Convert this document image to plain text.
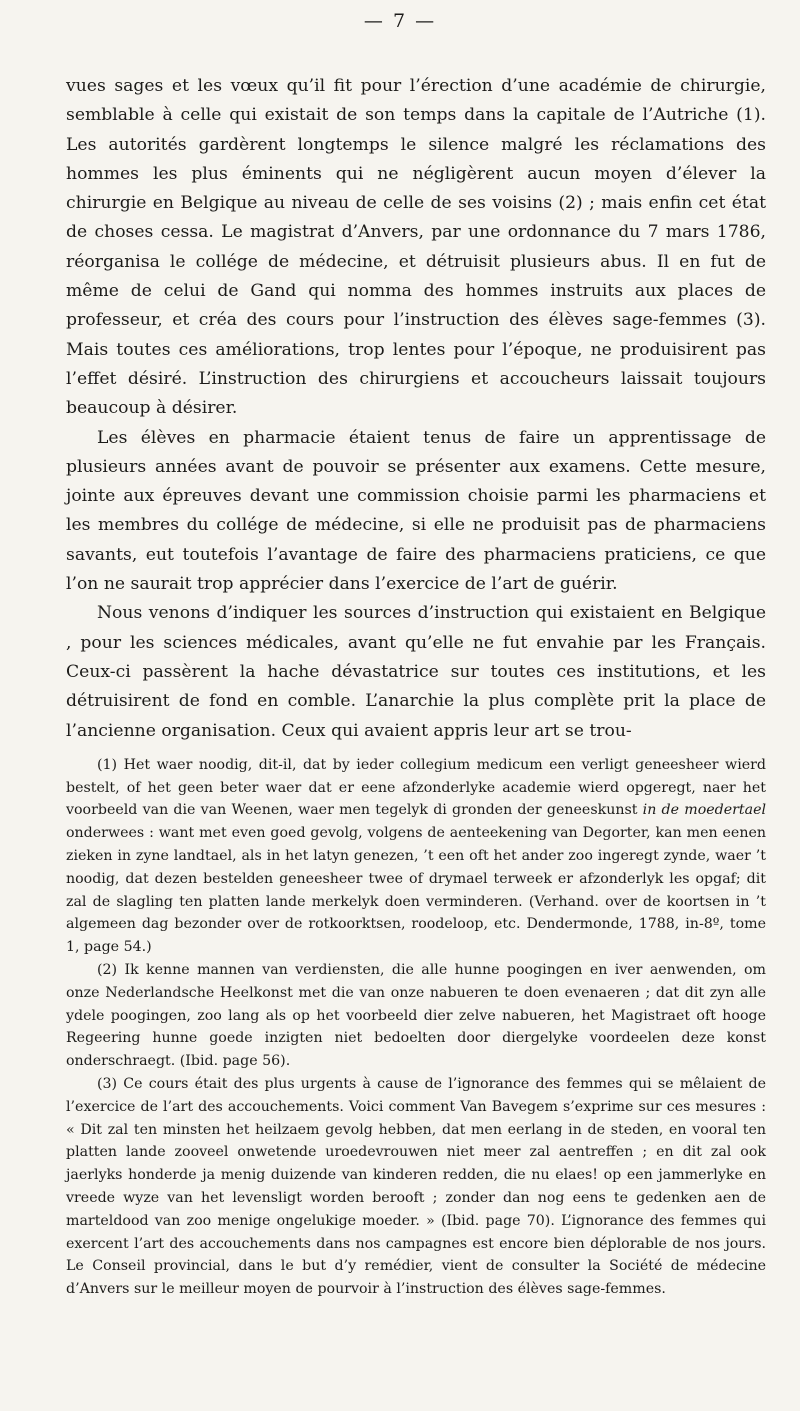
— 7 —

vues sages et les vœux qu’il fit pour l’érection d’une académie de chirurgie, semblable à celle qui existait de son temps dans la capitale de l’Autriche (1). Les autorités gardèrent longtemps le silence malgré les réclamations des hommes les plus éminents qui ne négligèrent aucun moyen d’élever la chirurgie en Belgique au niveau de celle de ses voisins (2) ; mais enfin cet état de choses cessa. Le magistrat d’Anvers, par une ordonnance du 7 mars 1786, réorganisa le collége de médecine, et détruisit plusieurs abus. Il en fut de même de celui de Gand qui nomma des hommes instruits aux places de professeur, et créa des cours pour l’instruction des élèves sage-femmes (3). Mais toutes ces améliorations, trop lentes pour l’époque, ne produisirent pas l’effet désiré. L’instruction des chirurgiens et accoucheurs laissait toujours beaucoup à désirer.

Les élèves en pharmacie étaient tenus de faire un apprentissage de plusieurs années avant de pouvoir se présenter aux examens. Cette mesure, jointe aux épreuves devant une commission choisie parmi les pharmaciens et les membres du collége de médecine, si elle ne produisit pas de pharmaciens savants, eut toutefois l’avantage de faire des pharmaciens praticiens, ce que l’on ne saurait trop apprécier dans l’exercice de l’art de guérir.

Nous venons d’indiquer les sources d’instruction qui existaient en Belgique , pour les sciences médicales, avant qu’elle ne fut envahie par les Français. Ceux-ci passèrent la hache dévastatrice sur toutes ces institutions, et les détruisirent de fond en comble. L’anarchie la plus complète prit la place de l’ancienne organisation. Ceux qui avaient appris leur art se trou-

(1) Het waer noodig, dit-il, dat by ieder collegium medicum een verligt geneesheer wierd bestelt, of het geen beter waer dat er eene afzonderlyke academie wierd opgeregt, naer het voorbeeld van die van Weenen, waer men tegelyk di gronden der geneeskunst in de moedertael onderwees : want met even goed gevolg, volgens de aenteekening van Degorter, kan men eenen zieken in zyne landtael, als in het latyn genezen, ’t een oft het ander zoo ingeregt zynde, waer ’t noodig, dat dezen bestelden geneesheer twee of drymael terweek er afzonderlyk les opgaf; dit zal de slagling ten platten lande merkelyk doen verminderen. (Verhand. over de koortsen in ’t algemeen dag bezonder over de rotkoorktsen, roodeloop, etc. Dendermonde, 1788, in-8º, tome 1, page 54.)

(2) Ik kenne mannen van verdiensten, die alle hunne poogingen en iver aenwenden, om onze Nederlandsche Heelkonst met die van onze nabueren te doen evenaeren ; dat dit zyn alle ydele poogingen, zoo lang als op het voorbeeld dier zelve nabueren, het Magistraet oft hooge Regeering hunne goede inzigten niet bedoelten door diergelyke voordeelen deze konst onderschraegt. (Ibid. page 56).

(3) Ce cours était des plus urgents à cause de l’ignorance des femmes qui se mêlaient de l’exercice de l’art des accouchements. Voici comment Van Bavegem s’exprime sur ces mesures : « Dit zal ten minsten het heilzaem gevolg hebben, dat men eerlang in de steden, en vooral ten platten lande zooveel onwetende uroedevrouwen niet meer zal aentreffen ; en dit zal ook jaerlyks honderde ja menig duizende van kinderen redden, die nu elaes! op een jammerlyke en vreede wyze van het levensligt worden berooft ; zonder dan nog eens te gedenken aen de marteldood van zoo menige ongelukige moeder. » (Ibid. page 70). L’ignorance des femmes qui exercent l’art des accouchements dans nos campagnes est encore bien déplorable de nos jours. Le Conseil provincial, dans le but d’y remédier, vient de consulter la Société de médecine d’Anvers sur le meilleur moyen de pourvoir à l’instruction des élèves sage-femmes.
